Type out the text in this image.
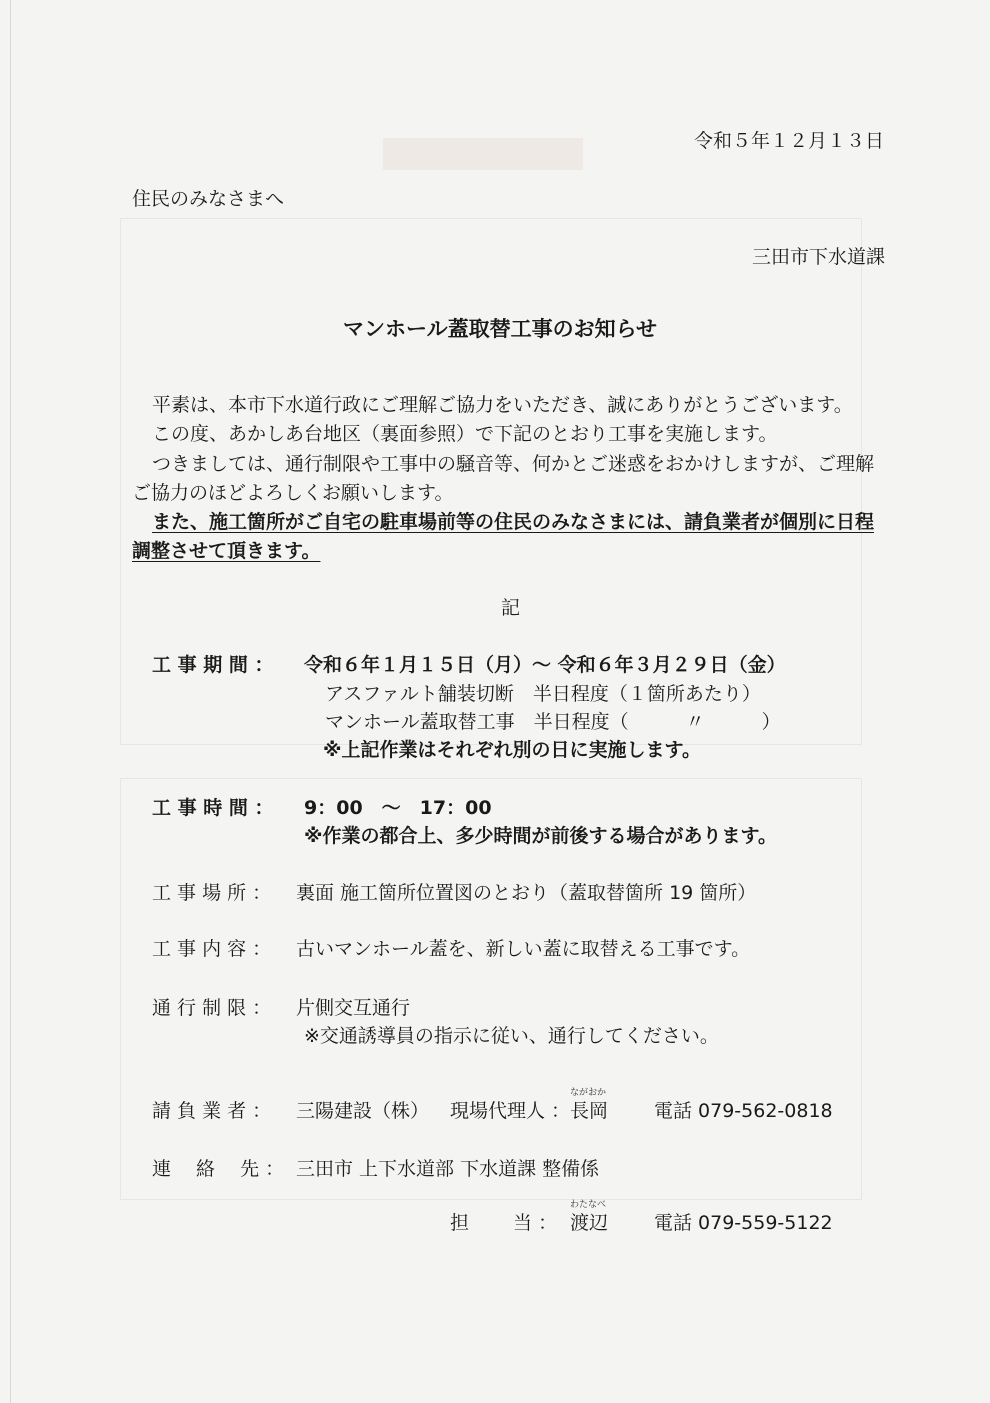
令和５年１２月１３日
住民のみなさまへ
三田市下水道課
マンホール蓋取替工事のお知らせ
平素は、本市下水道行政にご理解ご協力をいただき、誠にありがとうございます。
この度、あかしあ台地区（裏面参照）で下記のとおり工事を実施します。
つきましては、通行制限や工事中の騒音等、何かとご迷惑をおかけしますが、ご理解
ご協力のほどよろしくお願いします。
また、施工箇所がご自宅の駐車場前等の住民のみなさまには、請負業者が個別に日程
調整させて頂きます。
記
工 事 期 間 ： 令和６年１月１５日（月）～ 令和６年３月２９日（金）
アスファルト舗装切断　半日程度（１箇所あたり）
マンホール蓋取替工事　半日程度（　　　〃　　　）
※上記作業はそれぞれ別の日に実施します。
工 事 時 間 ： 9：00　～　17：00
※作業の都合上、多少時間が前後する場合があります。
工 事 場 所 ： 裏面 施工箇所位置図のとおり（蓋取替箇所 19 箇所）
工 事 内 容 ： 古いマンホール蓋を、新しい蓋に取替える工事です。
通 行 制 限 ： 片側交互通行
※交通誘導員の指示に従い、通行してください。
請 負 業 者 ： 三陽建設（株） 現場代理人 ：
ながおか
長岡 電話 079-562-0818
連　 絡 　先 ： 三田市 上下水道部 下水道課 整備係
担　　 当 ：
わたなべ
渡辺 電話 079-559-5122
